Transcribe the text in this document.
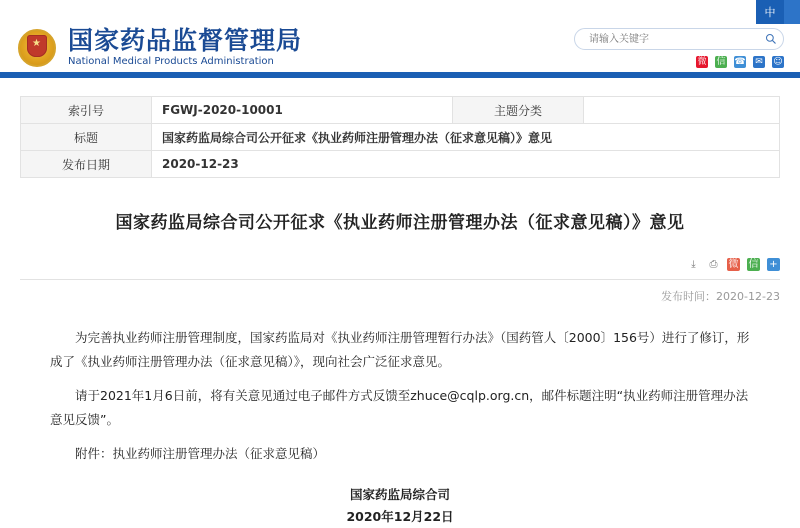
中
★ 国家药品监督管理局
National Medical Products Administration
请输入关键字	微 信 ☎ ✉ ☺
索引号	FGWJ-2020-10001	主题分类	
标题	国家药监局综合司公开征求《执业药师注册管理办法（征求意见稿）》意见		
发布日期	2020-12-23		
国家药监局综合司公开征求《执业药师注册管理办法（征求意见稿）》意见
⤓	⎙ 微 信 +
发布时间：2020-12-23

为完善执业药师注册管理制度，国家药监局对《执业药师注册管理暂行办法》（国药管人〔2000〕156号）进行了修订，形成了《执业药师注册管理办法（征求意见稿）》，现向社会广泛征求意见。

请于2021年1月6日前，将有关意见通过电子邮件方式反馈至zhuce@cqlp.org.cn，邮件标题注明“执业药师注册管理办法意见反馈”。

附件：执业药师注册管理办法（征求意见稿）

国家药监局综合司
2020年12月22日
